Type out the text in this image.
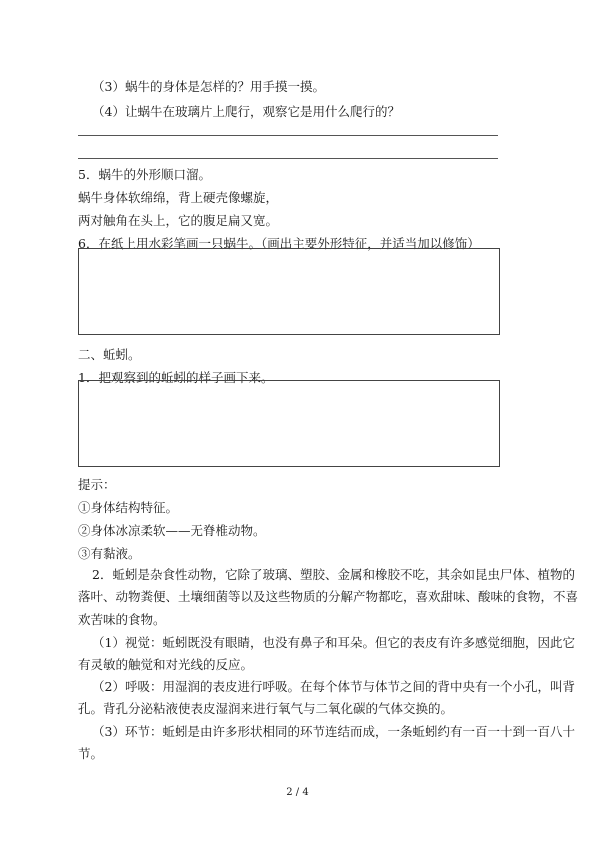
（3）蜗牛的身体是怎样的？用手摸一摸。
（4）让蜗牛在玻璃片上爬行，观察它是用什么爬行的？
5．蜗牛的外形顺口溜。
蜗牛身体软绵绵，背上硬壳像螺旋，
两对触角在头上，它的腹足扁又宽。
6．在纸上用水彩笔画一只蜗牛。（画出主要外形特征，并适当加以修饰）
二、蚯蚓。
1．把观察到的蚯蚓的样子画下来。
提示：
①身体结构特征。
②身体冰凉柔软——无脊椎动物。
③有黏液。
2．蚯蚓是杂食性动物，它除了玻璃、塑胶、金属和橡胶不吃，其余如昆虫尸体、植物的
落叶、动物粪便、土壤细菌等以及这些物质的分解产物都吃，喜欢甜味、酸味的食物，不喜
欢苦味的食物。
（1）视觉：蚯蚓既没有眼睛，也没有鼻子和耳朵。但它的表皮有许多感觉细胞，因此它
有灵敏的触觉和对光线的反应。
（2）呼吸：用湿润的表皮进行呼吸。在每个体节与体节之间的背中央有一个小孔，叫背
孔。背孔分泌粘液使表皮湿润来进行氧气与二氧化碳的气体交换的。
（3）环节：蚯蚓是由许多形状相同的环节连结而成，一条蚯蚓约有一百一十到一百八十
节。
2 / 4
